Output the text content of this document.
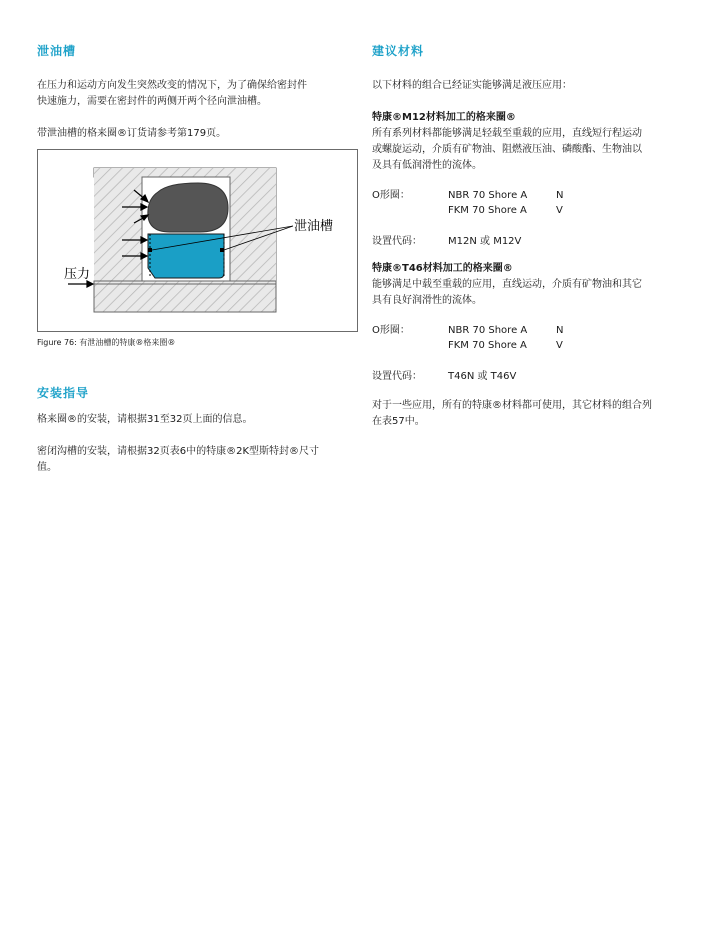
泄油槽

在压力和运动方向发生突然改变的情况下，为了确保给密封件

快速施力，需要在密封件的两侧开两个径向泄油槽。

带泄油槽的格来圈®订货请参考第179页。

泄油槽
压力
Figure 76: 有泄油槽的特康®格来圈®
安装指导

格来圈®的安装，请根据31至32页上面的信息。

密闭沟槽的安装，请根据32页表6中的特康®2K型斯特封®尺寸

值。

建议材料

以下材料的组合已经证实能够满足液压应用：

特康®M12材料加工的格来圈®

所有系列材料都能够满足轻载至重载的应用，直线短行程运动

或螺旋运动，介质有矿物油、阻燃液压油、磷酸酯、生物油以

及具有低润滑性的流体。

O形圈：	NBR 70 Shore A	N
FKM 70 Shore A	V
设置代码：	M12N 或 M12V

特康®T46材料加工的格来圈®

能够满足中载至重载的应用，直线运动，介质有矿物油和其它

具有良好润滑性的流体。

O形圈：	NBR 70 Shore A	N
FKM 70 Shore A	V
设置代码：	T46N 或 T46V

对于一些应用，所有的特康®材料都可使用，其它材料的组合列

在表57中。
